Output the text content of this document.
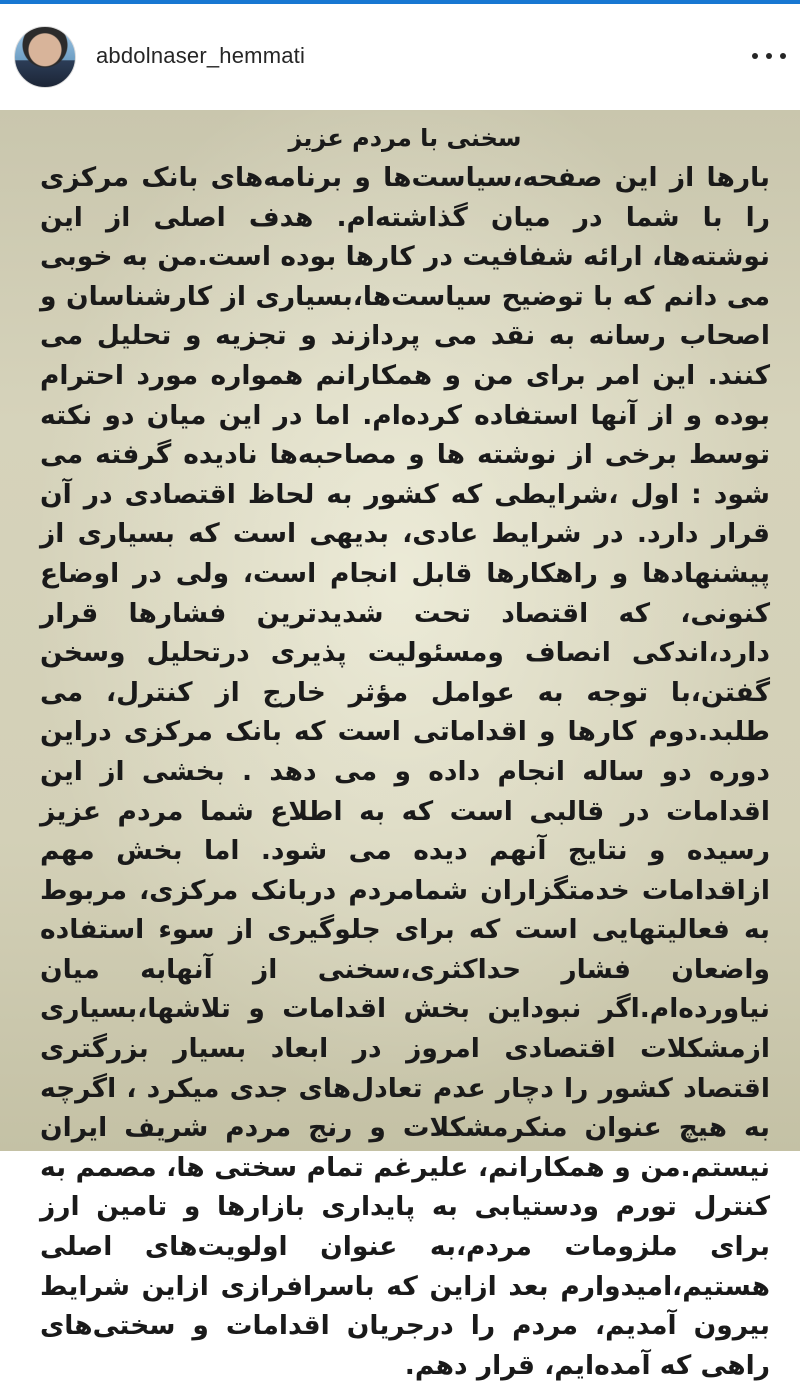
abdolnaser_hemmati
سخنی با مردم عزیز

بارها از این صفحه،سیاست‌ها و برنامه‌های بانک مرکزی را با شما در میان گذاشته‌ام. هدف اصلی از این نوشته‌ها، ارائه شفافیت در کارها بوده است.من به خوبی می دانم که با توضیح سیاست‌ها،بسیاری از کارشناسان و اصحاب رسانه به نقد می پردازند و تجزیه و تحلیل می کنند. این امر برای من و همکارانم همواره مورد احترام بوده و از آنها استفاده کرده‌ام. اما در این میان دو نکته توسط برخی از نوشته ها و مصاحبه‌ها نادیده گرفته می شود : اول ،شرایطی که کشور به لحاظ اقتصادی در آن قرار دارد. در شرایط عادی، بدیهی است که بسیاری از پیشنهادها و راهکارها قابل انجام است، ولی در اوضاع کنونی، که اقتصاد تحت شدیدترین فشارها قرار دارد،اندکی انصاف ومسئولیت پذیری درتحلیل وسخن گفتن،با توجه به عوامل مؤثر خارج از کنترل، می طلبد.دوم کارها و اقداماتی است که بانک مرکزی دراین دوره دو ساله انجام داده و می دهد . بخشی از این اقدامات در قالبی است که به اطلاع شما مردم عزیز رسیده و نتایج آنهم دیده می شود. اما بخش مهم ازاقدامات خدمتگزاران شمامردم دربانک مرکزی، مربوط به فعالیتهایی است که برای جلوگیری از سوء استفاده واضعان فشار حداکثری،سخنی از آنهابه میان نیاورده‌ام.اگر نبوداین بخش اقدامات و تلاشها،بسیاری ازمشکلات اقتصادی امروز در ابعاد بسیار بزرگتری اقتصاد کشور را دچار عدم تعادل‌های جدی میکرد ، اگرچه به هیچ عنوان منکرمشکلات و رنج مردم شریف ایران نیستم.من و همکارانم، علیرغم تمام سختی ها، مصمم به کنترل تورم ودستیابی به پایداری بازارها و تامین ارز برای ملزومات مردم،به عنوان اولویت‌های اصلی هستیم،امیدوارم بعد ازاین که باسرافرازی ازاین شرایط بیرون آمدیم، مردم را درجریان اقدامات و سختی‌های راهی که آمده‌ایم، قرار دهم.
